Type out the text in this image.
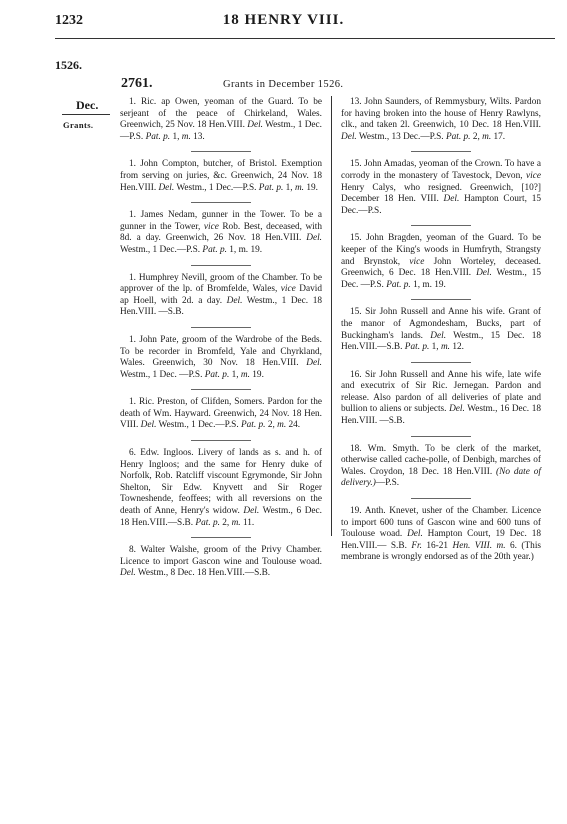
1232	18 HENRY VIII.
1526.
2761.	Grants in December 1526.
Dec.
Grants.

1. Ric. ap Owen, yeoman of the Guard. To be serjeant of the peace of Chirkeland, Wales. Greenwich, 25 Nov. 18 Hen.VIII. Del. Westm., 1 Dec.—P.S. Pat. p. 1, m. 13.

1. John Compton, butcher, of Bristol. Exemption from serving on juries, &c. Greenwich, 24 Nov. 18 Hen.VIII. Del. Westm., 1 Dec.—P.S. Pat. p. 1, m. 19.

1. James Nedam, gunner in the Tower. To be a gunner in the Tower, vice Rob. Best, deceased, with 8d. a day. Greenwich, 26 Nov. 18 Hen.VIII. Del. Westm., 1 Dec.—P.S. Pat. p. 1, m. 19.

1. Humphrey Nevill, groom of the Chamber. To be approver of the lp. of Bromfelde, Wales, vice David ap Hoell, with 2d. a day. Del. Westm., 1 Dec. 18 Hen.VIII. —S.B.

1. John Pate, groom of the Wardrobe of the Beds. To be recorder in Bromfeld, Yale and Chyrkland, Wales. Greenwich, 30 Nov. 18 Hen.VIII. Del. Westm., 1 Dec. —P.S. Pat. p. 1, m. 19.

1. Ric. Preston, of Clifden, Somers. Pardon for the death of Wm. Hayward. Greenwich, 24 Nov. 18 Hen. VIII. Del. Westm., 1 Dec.—P.S. Pat. p. 2, m. 24.

6. Edw. Ingloos. Livery of lands as s. and h. of Henry Ingloos; and the same for Henry duke of Norfolk, Rob. Ratcliff viscount Egrymonde, Sir John Shelton, Sir Edw. Knyvett and Sir Roger Towneshende, feoffees; with all reversions on the death of Anne, Henry's widow. Del. Westm., 6 Dec. 18 Hen.VIII.—S.B. Pat. p. 2, m. 11.

8. Walter Walshe, groom of the Privy Chamber. Licence to import Gascon wine and Toulouse woad. Del. Westm., 8 Dec. 18 Hen.VIII.—S.B.

13. John Saunders, of Remmysbury, Wilts. Pardon for having broken into the house of Henry Rawlyns, clk., and taken 2l. Greenwich, 10 Dec. 18 Hen.VIII. Del. Westm., 13 Dec.—P.S. Pat. p. 2, m. 17.

15. John Amadas, yeoman of the Crown. To have a corrody in the monastery of Tavestock, Devon, vice Henry Calys, who resigned. Greenwich, [10?] December 18 Hen. VIII. Del. Hampton Court, 15 Dec.—P.S.

15. John Bragden, yeoman of the Guard. To be keeper of the King's woods in Humfryth, Strangsty and Brynstok, vice John Worteley, deceased. Greenwich, 6 Dec. 18 Hen.VIII. Del. Westm., 15 Dec. —P.S. Pat. p. 1, m. 19.

15. Sir John Russell and Anne his wife. Grant of the manor of Agmondesham, Bucks, part of Buckingham's lands. Del. Westm., 15 Dec. 18 Hen.VIII.—S.B. Pat. p. 1, m. 12.

16. Sir John Russell and Anne his wife, late wife and executrix of Sir Ric. Jernegan. Pardon and release. Also pardon of all deliveries of plate and bullion to aliens or subjects. Del. Westm., 16 Dec. 18 Hen.VIII. —S.B.

18. Wm. Smyth. To be clerk of the market, otherwise called cache-polle, of Denbigh, marches of Wales. Croydon, 18 Dec. 18 Hen.VIII. (No date of delivery.)—P.S.

19. Anth. Knevet, usher of the Chamber. Licence to import 600 tuns of Gascon wine and 600 tuns of Toulouse woad. Del. Hampton Court, 19 Dec. 18 Hen.VIII.— S.B. Fr. 16-21 Hen. VIII. m. 6. (This membrane is wrongly endorsed as of the 20th year.)
